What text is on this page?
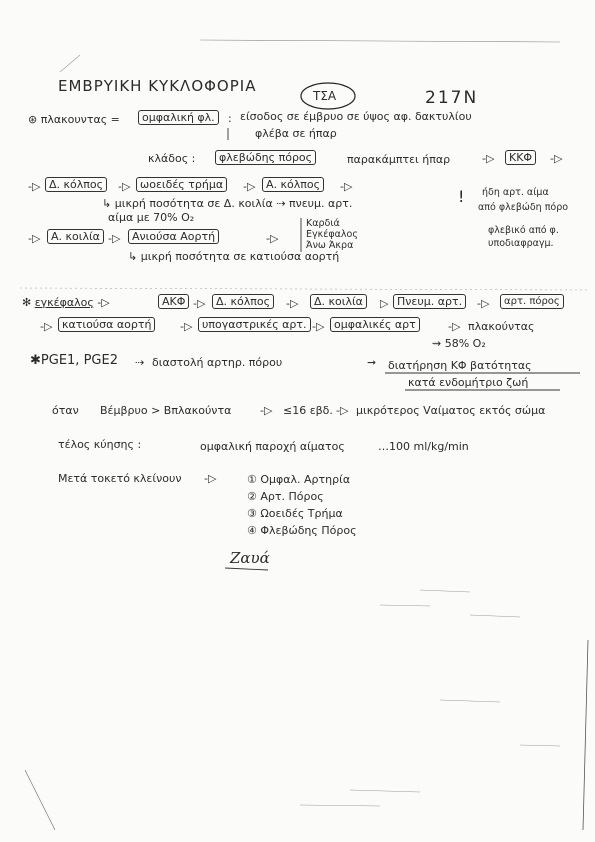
ΕΜΒΡΥΙΚΗ ΚΥΚΛΟΦΟΡΙΑ
ΤΣΑ	217Ν
⊛ πλακουντας =	ομφαλική φλ.	: είσοδος σε έμβρυο σε ύψος αφ. δακτυλίου
φλέβα σε ήπαρ
κλάδος :	φλεβώδης πόρος	παρακάμπτει ήπαρ	-▷	ΚΚΦ	-▷
-▷ Δ. κόλπος	-▷ ωοειδές τρήμα	-▷ Α. κόλπος	-▷	ήδη αρτ. αίμα
από φλεβώδη πόρο
!
↳ μικρή ποσότητα σε Δ. κοιλία ⇢ πνευμ. αρτ.
αίμα με 70% O₂
-▷ Α. κοιλία -▷	Ανιούσα Αορτή	-▷
Καρδιά
Εγκέφαλος
Άνω Άκρα
φλεβικό από φ.
υποδιαφραγμ.
↳ μικρή ποσότητα σε κατιούσα αορτή
✻ εγκέφαλος -▷	ΑΚΦ -▷ Δ. κόλπος	-▷	Δ. κοιλία	▷ Πνευμ. αρτ.	-▷	αρτ. πόρος
-▷ κατιούσα αορτή	-▷ υπογαστρικές αρτ. -▷ ομφαλικές αρτ	-▷ πλακούντας
⇝ 58% O₂
✱PGE1, PGE2 ⇢ διαστολή αρτηρ. πόρου	➞ διατήρηση ΚΦ βατότητας
κατά ενδομήτριο ζωή
όταν Βέμβρυο > Βπλακούντα	-▷ ≤16 εβδ. -▷ μικρότερος Vαίματος εκτός σώμα
τέλος κύησης :	ομφαλική παροχή αίματος	…100 ml/kg/min
Μετά τοκετό κλείνουν -▷	① Ομφαλ. Αρτηρία
② Αρτ. Πόρος
③ Ωοειδές Τρήμα
④ Φλεβώδης Πόρος
Ζαυά
